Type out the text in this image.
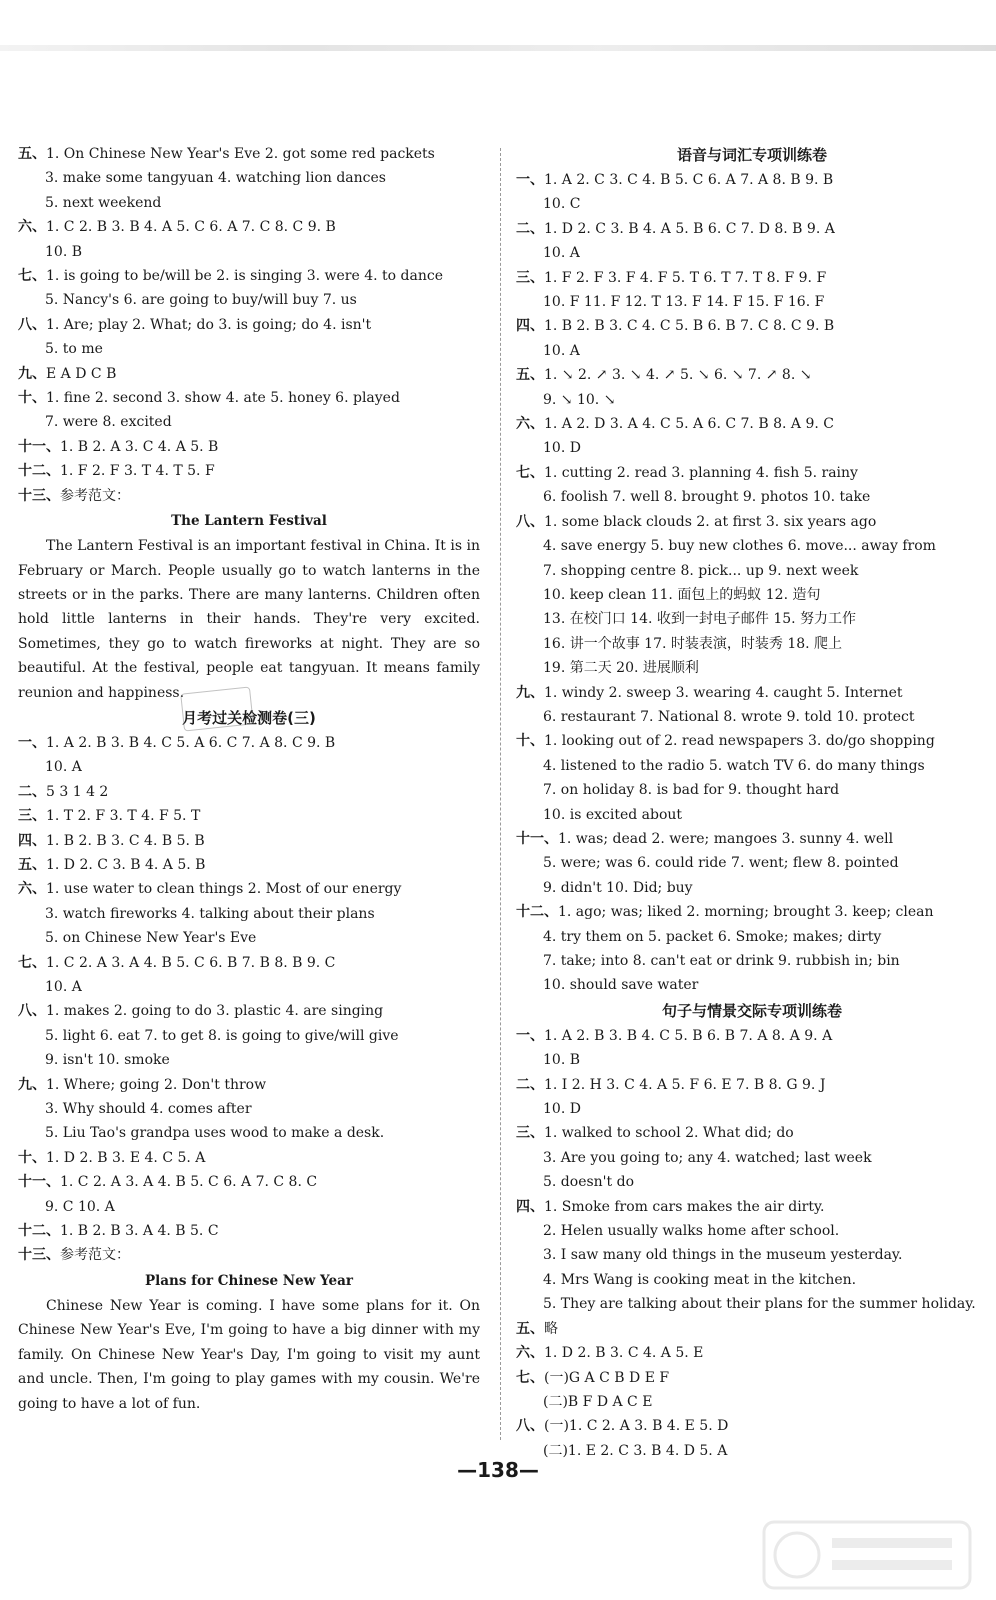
五、1. On Chinese New Year's Eve 2. got some red packets
3. make some tangyuan 4. watching lion dances
5. next weekend
六、1. C 2. B 3. B 4. A 5. C 6. A 7. C 8. C 9. B
10. B
七、1. is going to be/will be 2. is singing 3. were 4. to dance
5. Nancy's 6. are going to buy/will buy 7. us
八、1. Are; play 2. What; do 3. is going; do 4. isn't
5. to me
九、E A D C B
十、1. fine 2. second 3. show 4. ate 5. honey 6. played
7. were 8. excited
十一、1. B 2. A 3. C 4. A 5. B
十二、1. F 2. F 3. T 4. T 5. F
十三、参考范文：
The Lantern Festival
The Lantern Festival is an important festival in China. It is in February or March. People usually go to watch lanterns in the streets or in the parks. There are many lanterns. Children often hold little lanterns in their hands. They're very excited. Sometimes, they go to watch fireworks at night. They are so beautiful. At the festival, people eat tangyuan. It means family reunion and happiness.
月考过关检测卷(三)
一、1. A 2. B 3. B 4. C 5. A 6. C 7. A 8. C 9. B
10. A
二、5 3 1 4 2
三、1. T 2. F 3. T 4. F 5. T
四、1. B 2. B 3. C 4. B 5. B
五、1. D 2. C 3. B 4. A 5. B
六、1. use water to clean things 2. Most of our energy
3. watch fireworks 4. talking about their plans
5. on Chinese New Year's Eve
七、1. C 2. A 3. A 4. B 5. C 6. B 7. B 8. B 9. C
10. A
八、1. makes 2. going to do 3. plastic 4. are singing
5. light 6. eat 7. to get 8. is going to give/will give
9. isn't 10. smoke
九、1. Where; going 2. Don't throw
3. Why should 4. comes after
5. Liu Tao's grandpa uses wood to make a desk.
十、1. D 2. B 3. E 4. C 5. A
十一、1. C 2. A 3. A 4. B 5. C 6. A 7. C 8. C
9. C 10. A
十二、1. B 2. B 3. A 4. B 5. C
十三、参考范文：
Plans for Chinese New Year
Chinese New Year is coming. I have some plans for it. On Chinese New Year's Eve, I'm going to have a big dinner with my family. On Chinese New Year's Day, I'm going to visit my aunt and uncle. Then, I'm going to play games with my cousin. We're going to have a lot of fun.
语音与词汇专项训练卷
一、1. A 2. C 3. C 4. B 5. C 6. A 7. A 8. B 9. B
10. C
二、1. D 2. C 3. B 4. A 5. B 6. C 7. D 8. B 9. A
10. A
三、1. F 2. F 3. F 4. F 5. T 6. T 7. T 8. F 9. F
10. F 11. F 12. T 13. F 14. F 15. F 16. F
四、1. B 2. B 3. C 4. C 5. B 6. B 7. C 8. C 9. B
10. A
五、1. ↘ 2. ↗ 3. ↘ 4. ↗ 5. ↘ 6. ↘ 7. ↗ 8. ↘
9. ↘ 10. ↘
六、1. A 2. D 3. A 4. C 5. A 6. C 7. B 8. A 9. C
10. D
七、1. cutting 2. read 3. planning 4. fish 5. rainy
6. foolish 7. well 8. brought 9. photos 10. take
八、1. some black clouds 2. at first 3. six years ago
4. save energy 5. buy new clothes 6. move... away from
7. shopping centre 8. pick... up 9. next week
10. keep clean 11. 面包上的蚂蚁 12. 造句
13. 在校门口 14. 收到一封电子邮件 15. 努力工作
16. 讲一个故事 17. 时装表演，时装秀 18. 爬上
19. 第二天 20. 进展顺利
九、1. windy 2. sweep 3. wearing 4. caught 5. Internet
6. restaurant 7. National 8. wrote 9. told 10. protect
十、1. looking out of 2. read newspapers 3. do/go shopping
4. listened to the radio 5. watch TV 6. do many things
7. on holiday 8. is bad for 9. thought hard
10. is excited about
十一、1. was; dead 2. were; mangoes 3. sunny 4. well
5. were; was 6. could ride 7. went; flew 8. pointed
9. didn't 10. Did; buy
十二、1. ago; was; liked 2. morning; brought 3. keep; clean
4. try them on 5. packet 6. Smoke; makes; dirty
7. take; into 8. can't eat or drink 9. rubbish in; bin
10. should save water
句子与情景交际专项训练卷
一、1. A 2. B 3. B 4. C 5. B 6. B 7. A 8. A 9. A
10. B
二、1. I 2. H 3. C 4. A 5. F 6. E 7. B 8. G 9. J
10. D
三、1. walked to school 2. What did; do
3. Are you going to; any 4. watched; last week
5. doesn't do
四、1. Smoke from cars makes the air dirty.
2. Helen usually walks home after school.
3. I saw many old things in the museum yesterday.
4. Mrs Wang is cooking meat in the kitchen.
5. They are talking about their plans for the summer holiday.
五、略
六、1. D 2. B 3. C 4. A 5. E
七、(一)G A C B D E F
(二)B F D A C E
八、(一)1. C 2. A 3. B 4. E 5. D
(二)1. E 2. C 3. B 4. D 5. A
—138—
